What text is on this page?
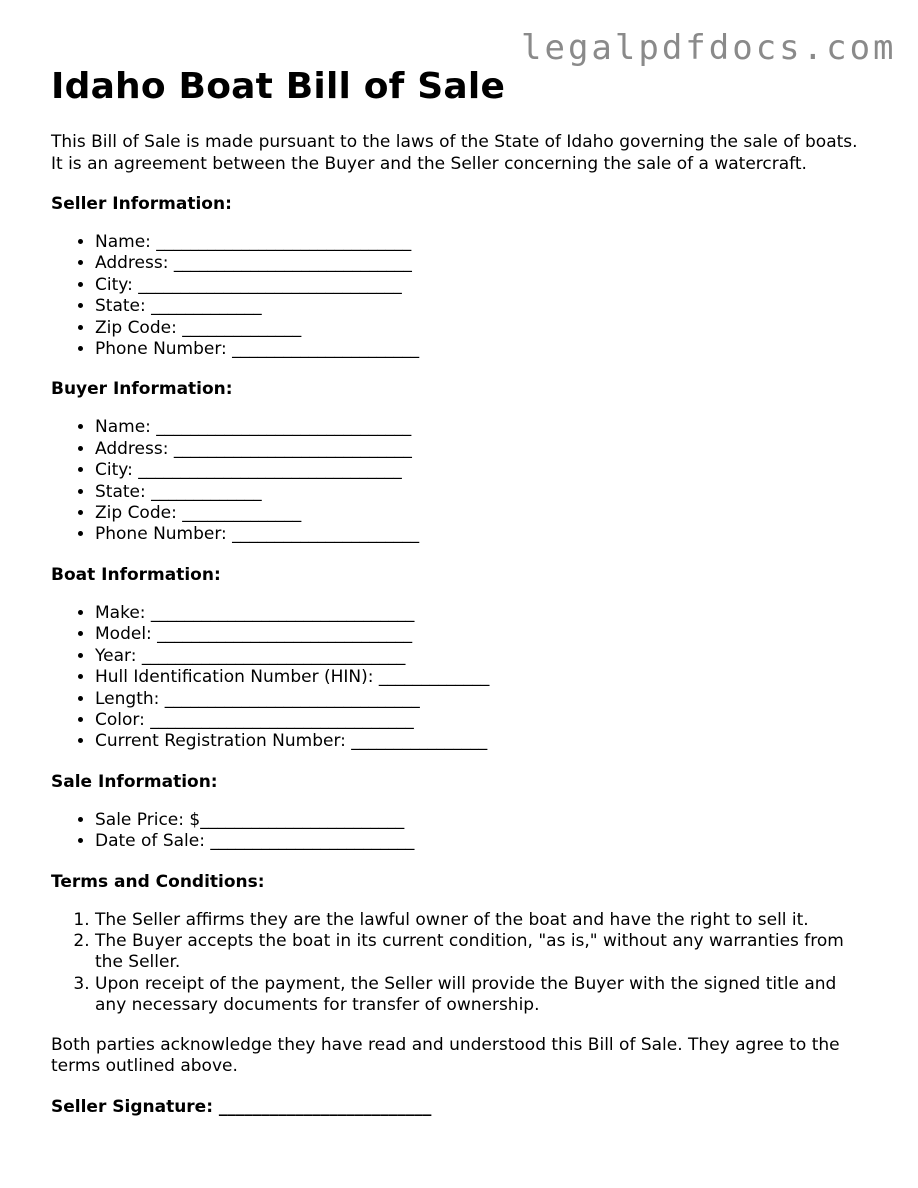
legalpdfdocs.com
Idaho Boat Bill of Sale

This Bill of Sale is made pursuant to the laws of the State of Idaho governing the sale of boats. It is an agreement between the Buyer and the Seller concerning the sale of a watercraft.

Seller Information:
• Name: ______________________________
• Address: ____________________________
• City: _______________________________
• State: _____________
• Zip Code: ______________
• Phone Number: ______________________
Buyer Information:
• Name: ______________________________
• Address: ____________________________
• City: _______________________________
• State: _____________
• Zip Code: ______________
• Phone Number: ______________________
Boat Information:
• Make: _______________________________
• Model: ______________________________
• Year: _______________________________
• Hull Identification Number (HIN): _____________
• Length: ______________________________
• Color: _______________________________
• Current Registration Number: ________________
Sale Information:
• Sale Price: $________________________
• Date of Sale: ________________________
Terms and Conditions:
1. The Seller affirms they are the lawful owner of the boat and have the right to sell it.
2. The Buyer accepts the boat in its current condition, "as is," without any warranties from the Seller.
3. Upon receipt of the payment, the Seller will provide the Buyer with the signed title and any necessary documents for transfer of ownership.

Both parties acknowledge they have read and understood this Bill of Sale. They agree to the terms outlined above.

Seller Signature: _________________________
